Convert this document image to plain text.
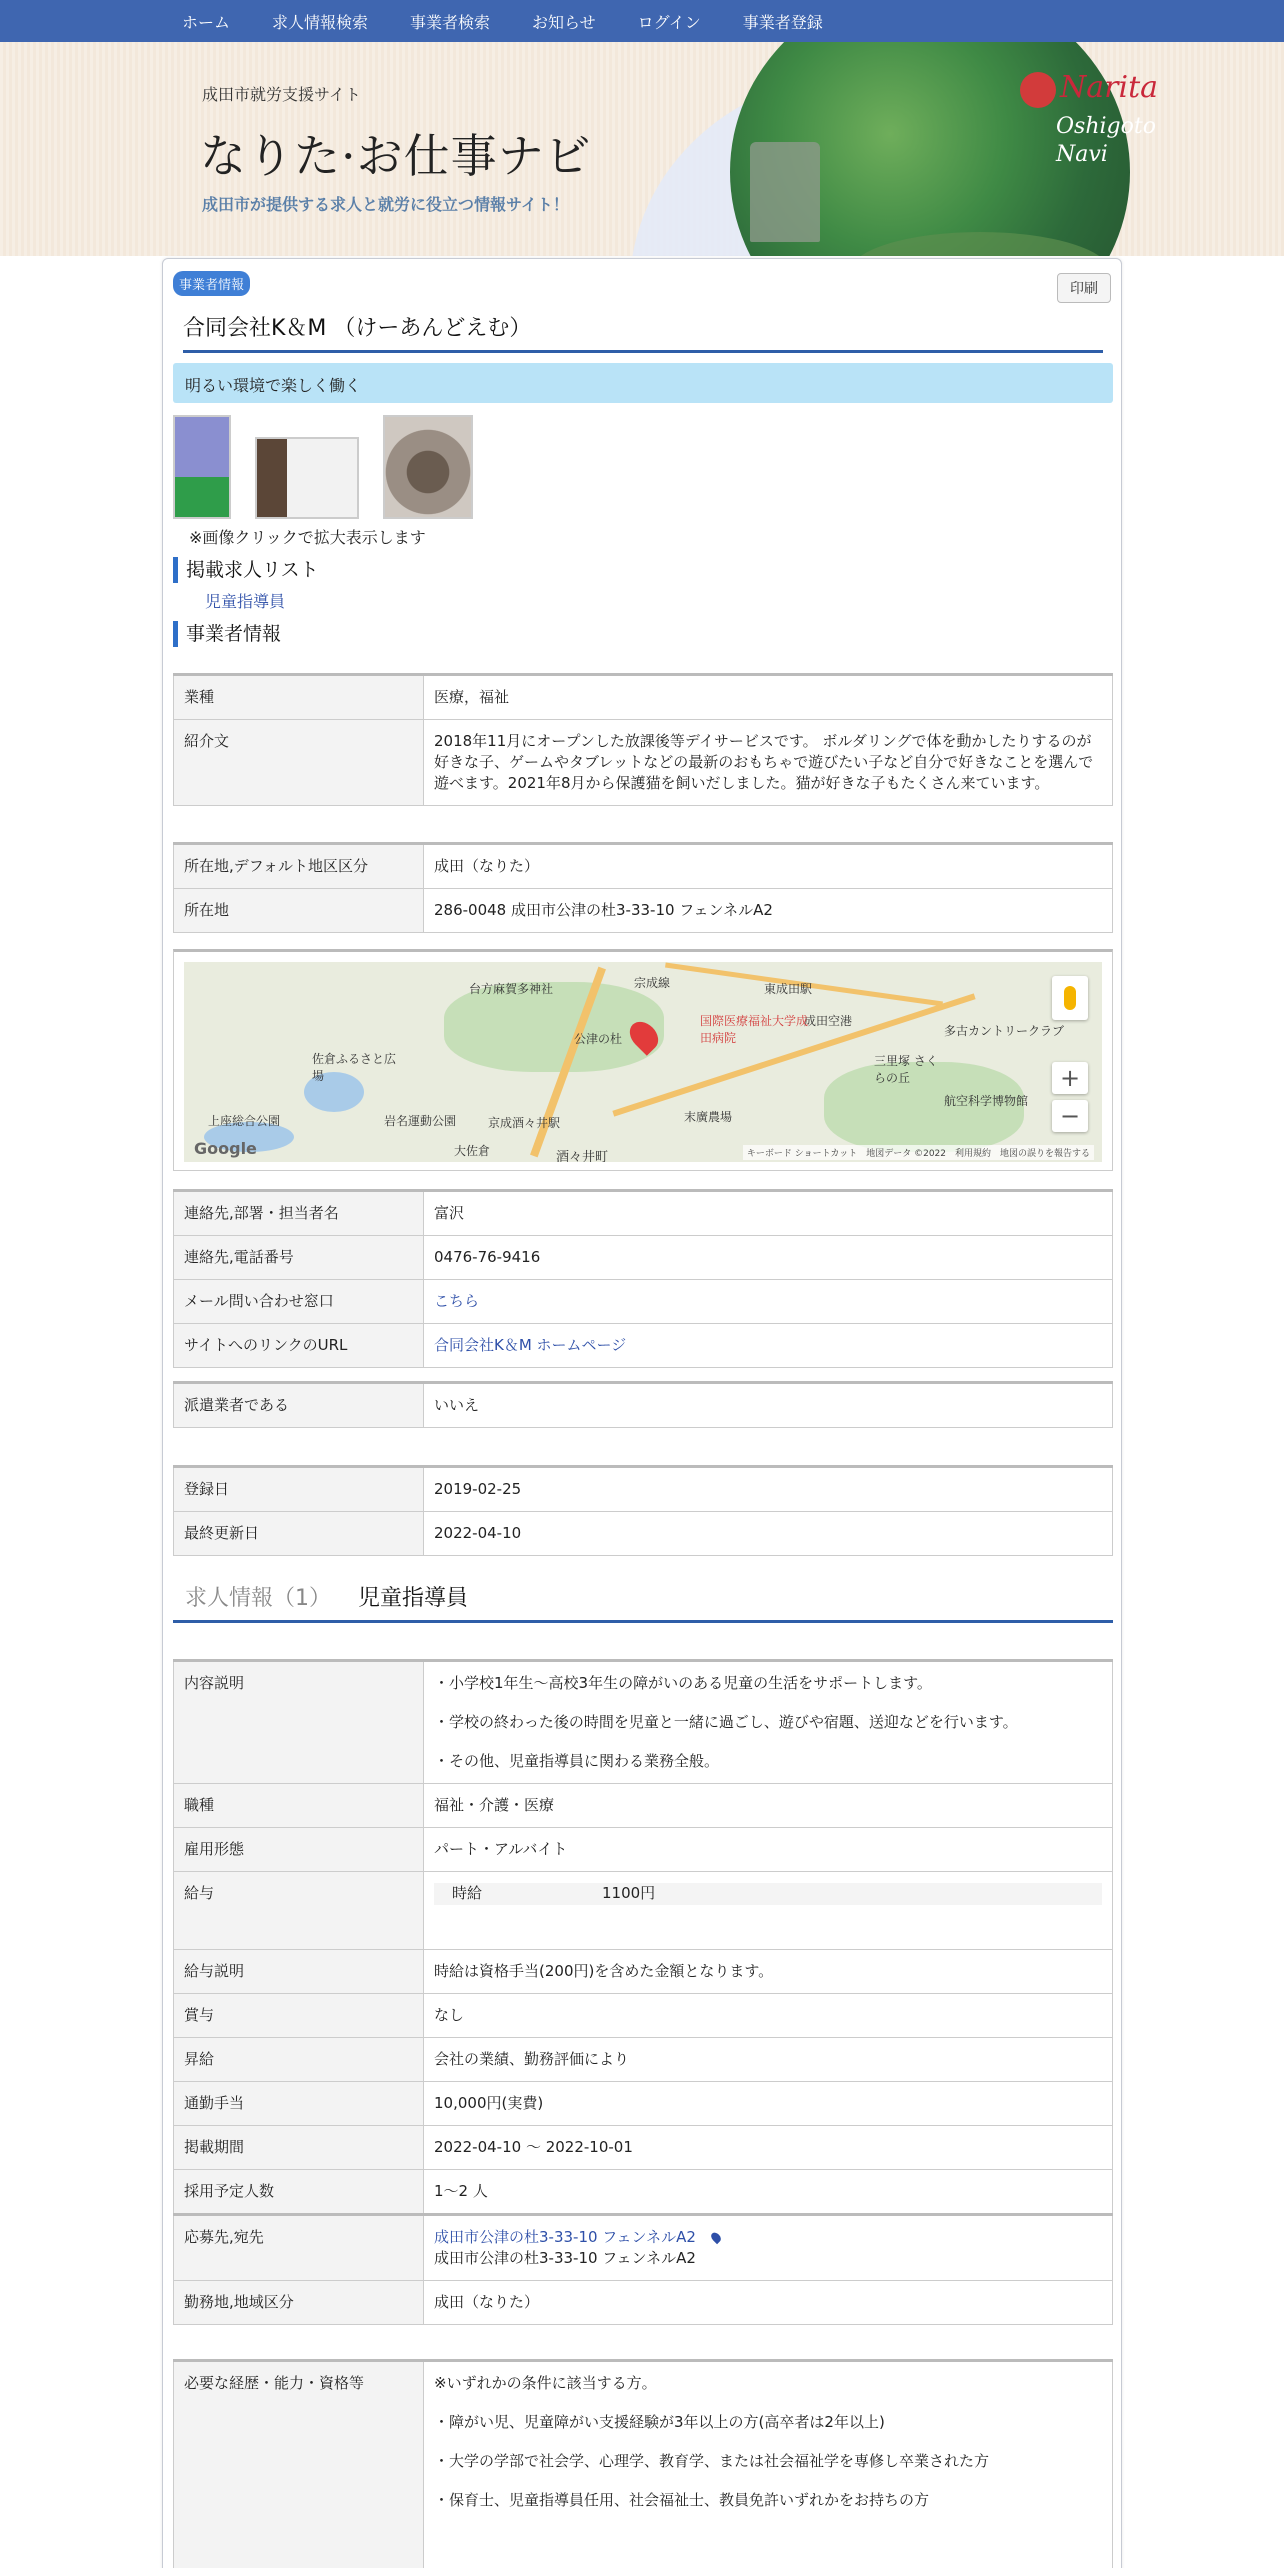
ホーム	求人情報検索	事業者検索	お知らせ	ログイン	事業者登録
成田市就労支援サイト
なりた·お仕事ナビ
成田市が提供する求人と就労に役立つ情報サイト！
Narita
Oshigoto
Navi
事業者情報	印刷
合同会社K＆M （けーあんどえむ）
明るい環境で楽しく働く
※画像クリックで拡大表示します
掲載求人リスト
児童指導員
事業者情報
業種	医療，福祉
紹介文	2018年11月にオープンした放課後等デイサービスです。 ボルダリングで体を動かしたりするのが好きな子、ゲームやタブレットなどの最新のおもちゃで遊びたい子など自分で好きなことを選んで遊べます。2021年8月から保護猫を飼いだしました。猫が好きな子もたくさん来ています。
所在地,デフォルト地区区分	成田（なりた）
所在地	286-0048 成田市公津の杜3-33-10 フェンネルA2
台方麻賀多神社	宗成線	東成田駅
成田空港
国際医療福祉大学成田病院	多古カントリークラブ
三里塚 さくらの丘
航空科学博物館
佐倉ふるさと広場
岩名運動公園
上座総合公園	京成酒々井駅
大佐倉
末廣農場
酒々井町
公津の杜
+
−
Google	キーボード ショートカット　地図データ ©2022　利用規約　地図の誤りを報告する
連絡先,部署・担当者名	富沢
連絡先,電話番号	0476-76-9416
メール問い合わせ窓口	こちら
サイトへのリンクのURL	合同会社K＆M ホームページ
派遣業者である	いいえ
登録日	2019-02-25
最終更新日	2022-04-10
求人情報（1） 児童指導員
内容説明	・小学校1年生～高校3年生の障がいのある児童の生活をサポートします。

・学校の終わった後の時間を児童と一緒に過ごし、遊びや宿題、送迎などを行います。

・その他、児童指導員に関わる業務全般。

職種	福祉・介護・医療
雇用形態	パート・アルバイト
給与	時給 1100円

給与説明	時給は資格手当(200円)を含めた金額となります。
賞与	なし
昇給	会社の業績、勤務評価により
通勤手当	10,000円(実費)
掲載期間	2022-04-10 〜 2022-10-01
採用予定人数	1～2 人
応募先,宛先	成田市公津の杜3-33-10 フェンネルA2
成田市公津の杜3-33-10 フェンネルA2
勤務地,地域区分	成田（なりた）
必要な経歴・能力・資格等	※いずれかの条件に該当する方。

・障がい児、児童障がい支援経験が3年以上の方(高卒者は2年以上)

・大学の学部で社会学、心理学、教育学、または社会福祉学を専修し卒業された方

・保育士、児童指導員任用、社会福祉士、教員免許いずれかをお持ちの方
